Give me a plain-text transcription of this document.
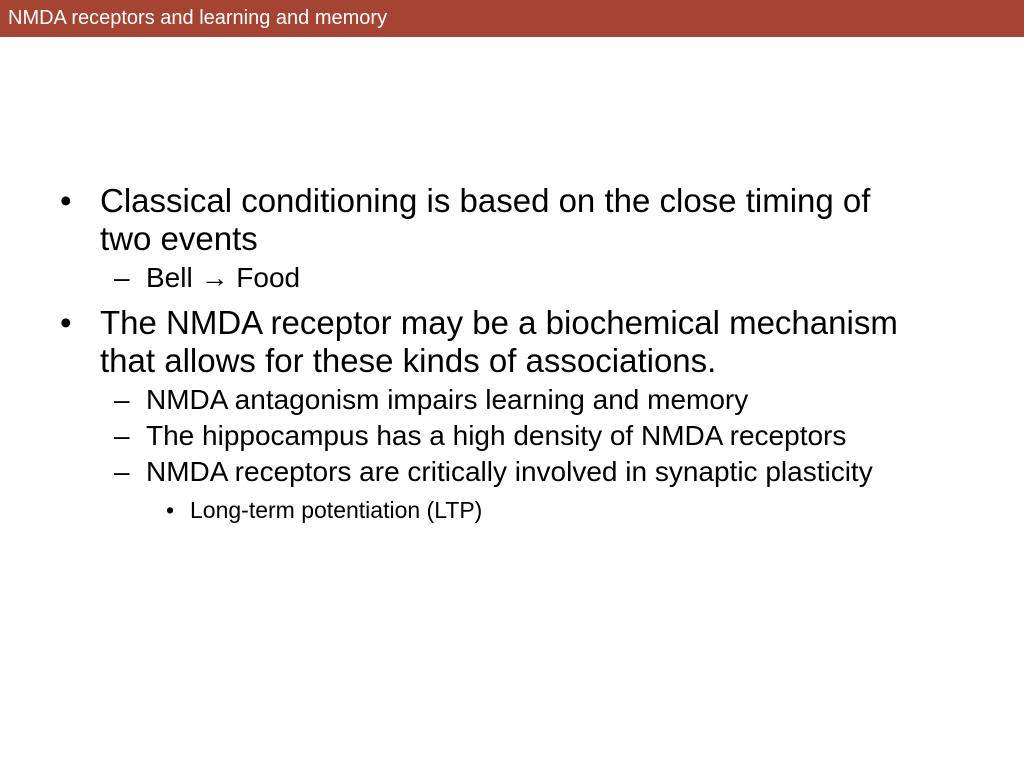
NMDA receptors and learning and memory
• Classical conditioning is based on the close timing of two events
– Bell → Food
• The NMDA receptor may be a biochemical mechanism that allows for these kinds of associations.
– NMDA antagonism impairs learning and memory
– The hippocampus has a high density of NMDA receptors
– NMDA receptors are critically involved in synaptic plasticity
• Long-term potentiation (LTP)
